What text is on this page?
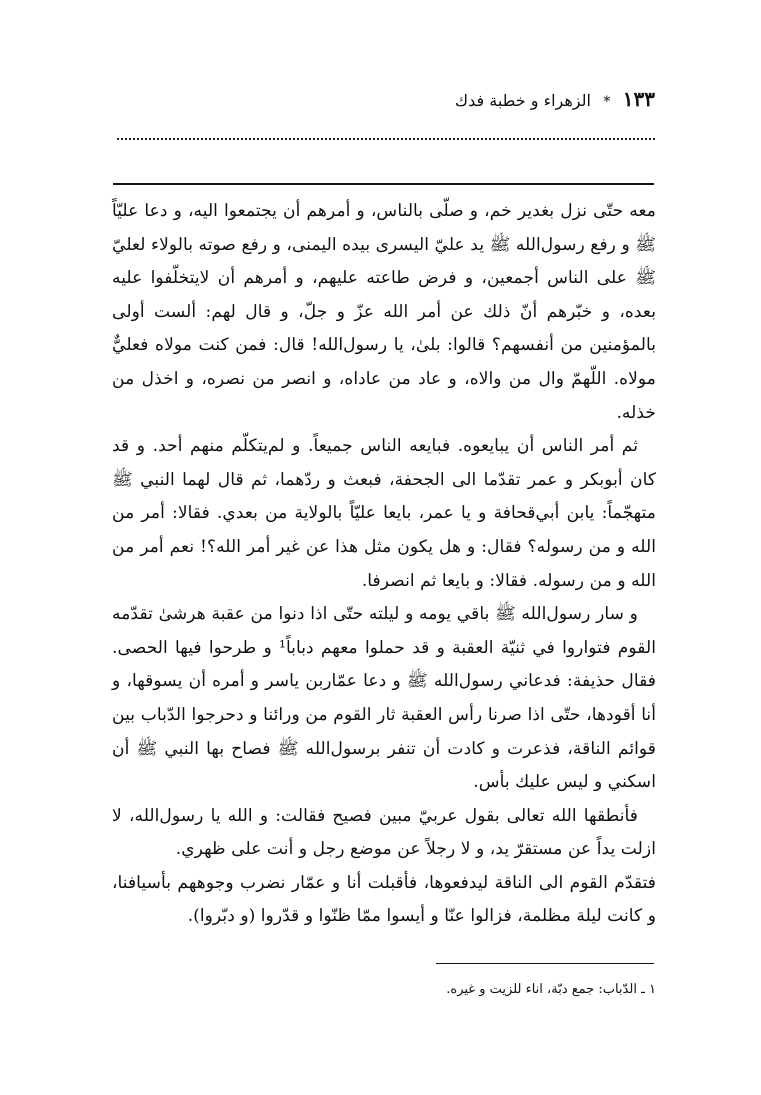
١٣٣ * الزهراء و خطبة فدك

معه حتّى نزل بغدير خم، و صلّى بالناس، و أمرهم أن يجتمعوا اليه، و دعا عليّاً ﷺ و رفع رسول‌الله ﷺ يد عليّ اليسرى بيده اليمنى، و رفع صوته بالولاء لعليّ ﷺ على الناس أجمعين، و فرض طاعته عليهم، و أمرهم أن لايتخلّفوا عليه بعده، و خبّرهم أنّ ذلك عن أمر الله عزّ و جلّ، و قال لهم: ألست أولى بالمؤمنين من أنفسهم؟ قالوا: بلىٰ، يا رسول‌الله! قال: فمن كنت مولاه فعليٌّ مولاه. اللّهمّ وال من والاه، و عاد من عاداه، و انصر من نصره، و اخذل من خذله.

ثم أمر الناس أن يبايعوه. فبايعه الناس جميعاً. و لم‌يتكلّم منهم أحد. و قد كان أبوبكر و عمر تقدّما الى الجحفة، فبعث و ردّهما، ثم قال لهما النبي ﷺ متهجّماً: يابن أبي‌قحافة و يا عمر، بايعا عليّاً بالولاية من بعدي. فقالا: أمر من الله و من رسوله؟ فقال: و هل يكون مثل هذا عن غير أمر الله؟! نعم أمر من الله و من رسوله. فقالا: و بايعا ثم انصرفا.

و سار رسول‌الله ﷺ باقي يومه و ليلته حتّى اذا دنوا من عقبة هرشىٰ تقدّمه القوم فتواروا في ثنيّة العقبة و قد حملوا معهم دباباً¹ و طرحوا فيها الحصى. فقال حذيفة: فدعاني رسول‌الله ﷺ و دعا عمّاربن ياسر و أمره أن يسوقها، و أنا أقودها، حتّى اذا صرنا رأس العقبة ثار القوم من ورائنا و دحرجوا الدّباب بين قوائم الناقة، فذعرت و كادت أن تنفر برسول‌الله ﷺ فصاح بها النبي ﷺ أن اسكني و ليس عليك بأس.

فأنطقها الله تعالى بقول عربيّ مبين فصيح فقالت: و الله يا رسول‌الله، لا ازلت يداً عن مستقرّ يد، و لا رجلاً عن موضع رجل و أنت على ظهري.

فتقدّم القوم الى الناقة ليدفعوها، فأقبلت أنا و عمّار نضرب وجوههم بأسيافنا، و كانت ليلة مظلمة، فزالوا عنّا و أيسوا ممّا ظنّوا و قدّروا (و دبّروا).

١ ـ الدّباب: جمع دبّة، اناء للزيت و غيره.
